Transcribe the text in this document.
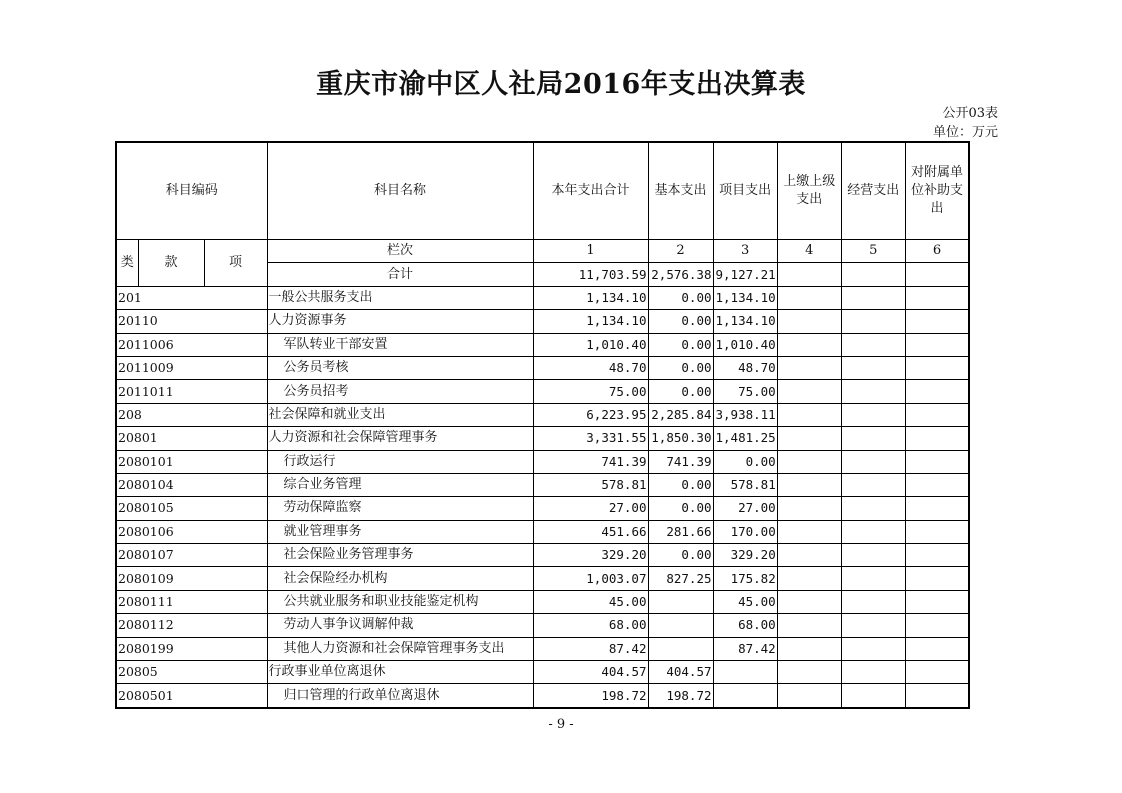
重庆市渝中区人社局2016年支出决算表
公开03表
单位：万元
科目编码			科目名称	本年支出合计	基本支出	项目支出	上缴上级支出	经营支出	对附属单位补助支出
类	款	项	栏次	1	2	3	4	5	6
			合计	11,703.59	2,576.38	9,127.21			
201			一般公共服务支出	1,134.10	0.00	1,134.10			
20110			人力资源事务	1,134.10	0.00	1,134.10			
2011006			军队转业干部安置	1,010.40	0.00	1,010.40			
2011009			公务员考核	48.70	0.00	48.70			
2011011			公务员招考	75.00	0.00	75.00			
208			社会保障和就业支出	6,223.95	2,285.84	3,938.11			
20801			人力资源和社会保障管理事务	3,331.55	1,850.30	1,481.25			
2080101			行政运行	741.39	741.39	0.00			
2080104			综合业务管理	578.81	0.00	578.81			
2080105			劳动保障监察	27.00	0.00	27.00			
2080106			就业管理事务	451.66	281.66	170.00			
2080107			社会保险业务管理事务	329.20	0.00	329.20			
2080109			社会保险经办机构	1,003.07	827.25	175.82			
2080111			公共就业服务和职业技能鉴定机构	45.00		45.00			
2080112			劳动人事争议调解仲裁	68.00		68.00			
2080199			其他人力资源和社会保障管理事务支出	87.42		87.42			
20805			行政事业单位离退休	404.57	404.57				
2080501			归口管理的行政单位离退休	198.72	198.72				
- 9 -
